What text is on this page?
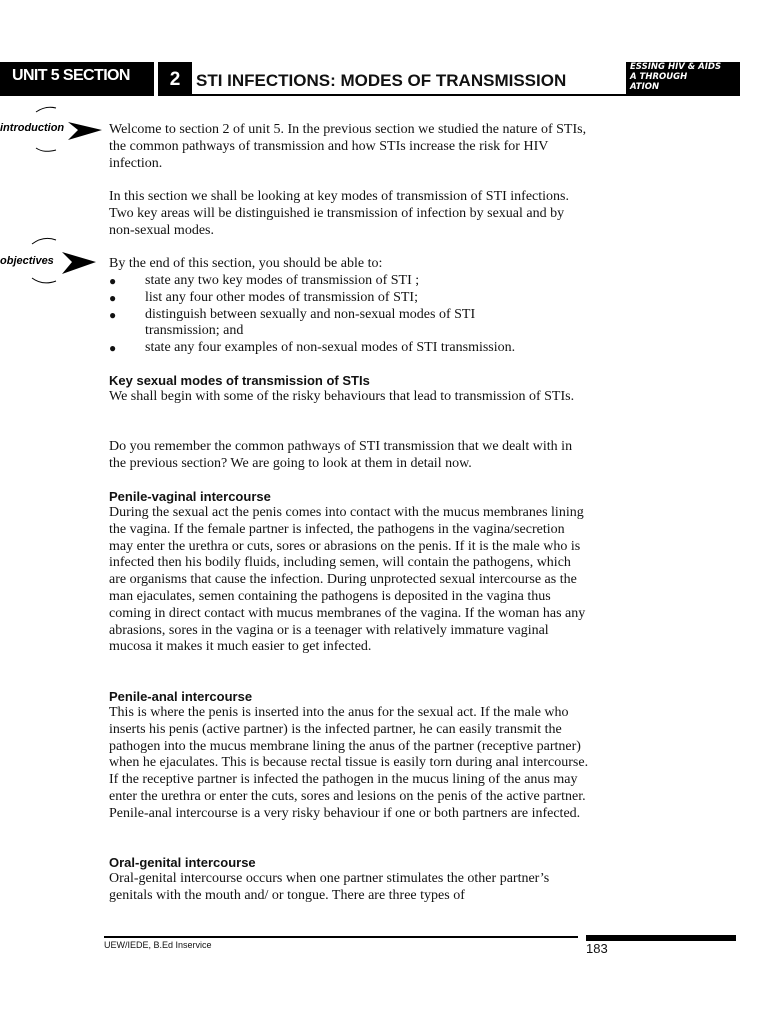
UNIT 5 SECTION	2 STI INFECTIONS: MODES OF TRANSMISSION
ESSING HIV & AIDS
A THROUGH
ATION
introduction
objectives

Welcome to section 2 of unit 5. In the previous section we studied the nature of STIs, the common pathways of transmission and how STIs increase the risk for HIV infection.

In this section we shall be looking at key modes of transmission of STI infections. Two key areas will be distinguished ie transmission of infection by sexual and by non-sexual modes.

By the end of this section, you should be able to:

● state any two key modes of transmission of STI ;
● list any four other modes of transmission of STI;
● distinguish between sexually and non-sexual modes of STI transmission; and
● state any four examples of non-sexual modes of STI transmission.
Key sexual modes of transmission of STIs

We shall begin with some of the risky behaviours that lead to transmission of STIs.

Do you remember the common pathways of STI transmission that we dealt with in the previous section? We are going to look at them in detail now.

Penile-vaginal intercourse

During the sexual act the penis comes into contact with the mucus membranes lining the vagina. If the female partner is infected, the pathogens in the vagina/secretion may enter the urethra or cuts, sores or abrasions on the penis. If it is the male who is infected then his bodily fluids, including semen, will contain the pathogens, which are organisms that cause the infection. During unprotected sexual intercourse as the man ejaculates, semen containing the pathogens is deposited in the vagina thus coming in direct contact with mucus membranes of the vagina. If the woman has any abrasions, sores in the vagina or is a teenager with relatively immature vaginal mucosa it makes it much easier to get infected.

Penile-anal intercourse

This is where the penis is inserted into the anus for the sexual act. If the male who inserts his penis (active partner) is the infected partner, he can easily transmit the pathogen into the mucus membrane lining the anus of the partner (receptive partner) when he ejaculates. This is because rectal tissue is easily torn during anal intercourse. If the receptive partner is infected the pathogen in the mucus lining of the anus may enter the urethra or enter the cuts, sores and lesions on the penis of the active partner. Penile-anal intercourse is a very risky behaviour if one or both partners are infected.

Oral-genital intercourse

Oral-genital intercourse occurs when one partner stimulates the other partner’s genitals with the mouth and/ or tongue. There are three types of

UEW/IEDE, B.Ed Inservice	183
